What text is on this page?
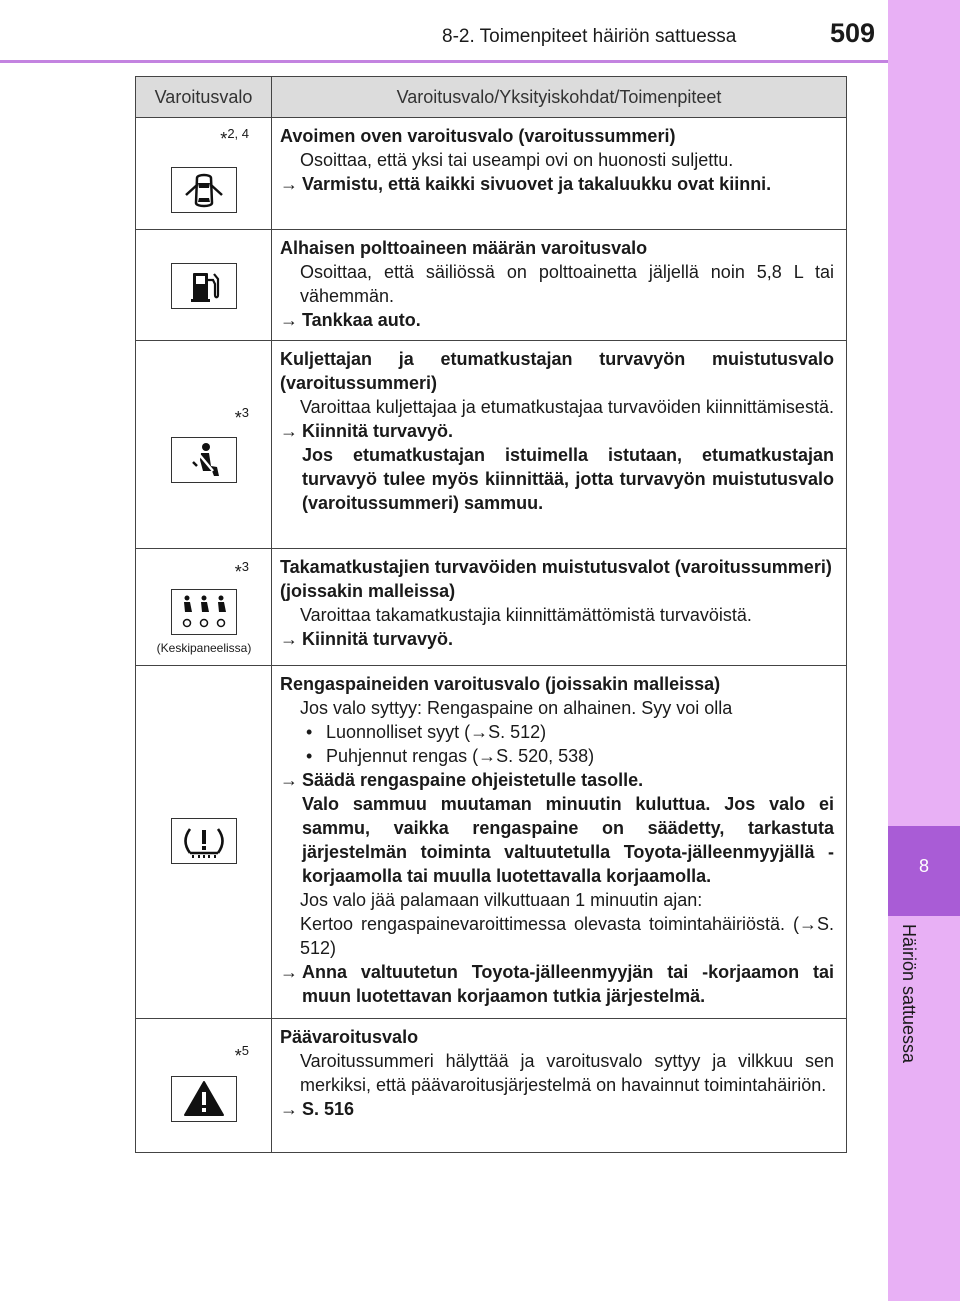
8-2. Toimenpiteet häiriön sattuessa	509
8
Häiriön sattuessa
Varoitusvalo	Varoitusvalo/Yksityiskohdat/Toimenpiteet
*$^{2, 4}$ Avoimen oven varoitusvalo (varoitussummeri)
Osoittaa, että yksi tai useampi ovi on huonosti suljettu.
→ Varmistu, että kaikki sivuovet ja takaluukku ovat kiinni.
Alhaisen polttoaineen määrän varoitusvalo
Osoittaa, että säiliössä on polttoainetta jäljellä noin 5,8 L tai vähemmän.
→ Tankkaa auto.
*$^3$
Kuljettajan ja etumatkustajan turvavyön muistutusvalo (varoitussummeri)
Varoittaa kuljettajaa ja etumatkustajaa turvavöiden kiinnittämisestä.
→ Kiinnitä turvavyö.
Jos etumatkustajan istuimella istutaan, etumatkustajan turvavyö tulee myös kiinnittää, jotta turvavyön muistutusvalo (varoitussummeri) sammuu.
*$^3$
(Keskipaneelissa)
Takamatkustajien turvavöiden muistutusvalot (varoitussummeri) (joissakin malleissa)
Varoittaa takamatkustajia kiinnittämättömistä turvavöistä.
→ Kiinnitä turvavyö.
Rengaspaineiden varoitusvalo (joissakin malleissa)
Jos valo syttyy: Rengaspaine on alhainen. Syy voi olla
• Luonnolliset syyt (→S. 512)
• Puhjennut rengas (→S. 520, 538)
→ Säädä rengaspaine ohjeistetulle tasolle.
Valo sammuu muutaman minuutin kuluttua. Jos valo ei sammu, vaikka rengaspaine on säädetty, tarkastuta järjestelmän toiminta valtuutetulla Toyota-jälleenmyyjällä -korjaamolla tai muulla luotettavalla korjaamolla.
Jos valo jää palamaan vilkuttuaan 1 minuutin ajan:
Kertoo rengaspainevaroittimessa olevasta toimintahäiriöstä. (→S. 512)
→ Anna valtuutetun Toyota-jälleenmyyjän tai -korjaamon tai muun luotettavan korjaamon tutkia järjestelmä.
*$^5$
Päävaroitusvalo
Varoitussummeri hälyttää ja varoitusvalo syttyy ja vilkkuu sen merkiksi, että päävaroitusjärjestelmä on havainnut toimintahäiriön.
→ S. 516
